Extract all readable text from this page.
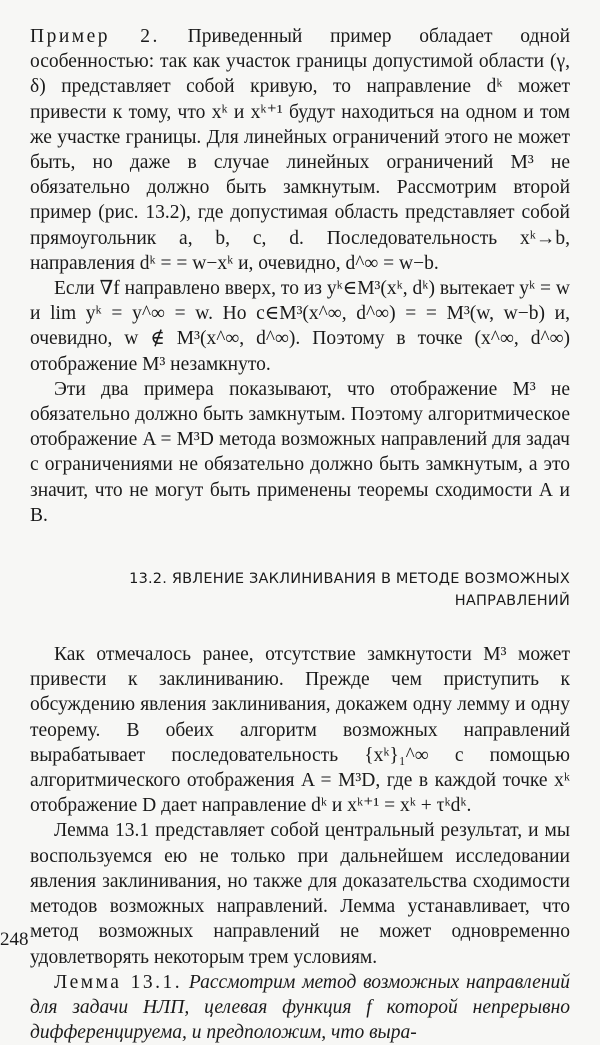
Пример 2. Приведенный пример обладает одной особенностью: так как участок границы допустимой области (γ, δ) представляет собой кривую, то направление dᵏ может привести к тому, что xᵏ и xᵏ⁺¹ будут находиться на одном и том же участке границы. Для линейных ограничений этого не может быть, но даже в случае линейных ограничений M³ не обязательно должно быть замкнутым. Рассмотрим второй пример (рис. 13.2), где допустимая область представляет собой прямоугольник a, b, c, d. Последовательность xᵏ→b, направления dᵏ = = w−xᵏ и, очевидно, d^∞ = w−b.

Если ∇f направлено вверх, то из yᵏ∈M³(xᵏ, dᵏ) вытекает yᵏ = w и lim yᵏ = y^∞ = w. Но c∈M³(x^∞, d^∞) = = M³(w, w−b) и, очевидно, w ∉ M³(x^∞, d^∞). Поэтому в точке (x^∞, d^∞) отображение M³ незамкнуто.

Эти два примера показывают, что отображение M³ не обязательно должно быть замкнутым. Поэтому алгоритмическое отображение A = M³D метода возможных направлений для задач с ограничениями не обязательно должно быть замкнутым, а это значит, что не могут быть применены теоремы сходимости А и В.

13.2. ЯВЛЕНИЕ ЗАКЛИНИВАНИЯ В МЕТОДЕ ВОЗМОЖНЫХ
НАПРАВЛЕНИЙ

Как отмечалось ранее, отсутствие замкнутости M³ может привести к заклиниванию. Прежде чем приступить к обсуждению явления заклинивания, докажем одну лемму и одну теорему. В обеих алгоритм возможных направлений вырабатывает последовательность {xᵏ}₁^∞ с помощью алгоритмического отображения A = M³D, где в каждой точке xᵏ отображение D дает направление dᵏ и xᵏ⁺¹ = xᵏ + τᵏdᵏ.

Лемма 13.1 представляет собой центральный результат, и мы воспользуемся ею не только при дальнейшем исследовании явления заклинивания, но также для доказательства сходимости методов возможных направлений. Лемма устанавливает, что метод возможных направлений не может одновременно удовлетворять некоторым трем условиям.

Лемма 13.1. Рассмотрим метод возможных направлений для задачи НЛП, целевая функция f которой непрерывно дифференцируема, и предположим, что выра-

248
